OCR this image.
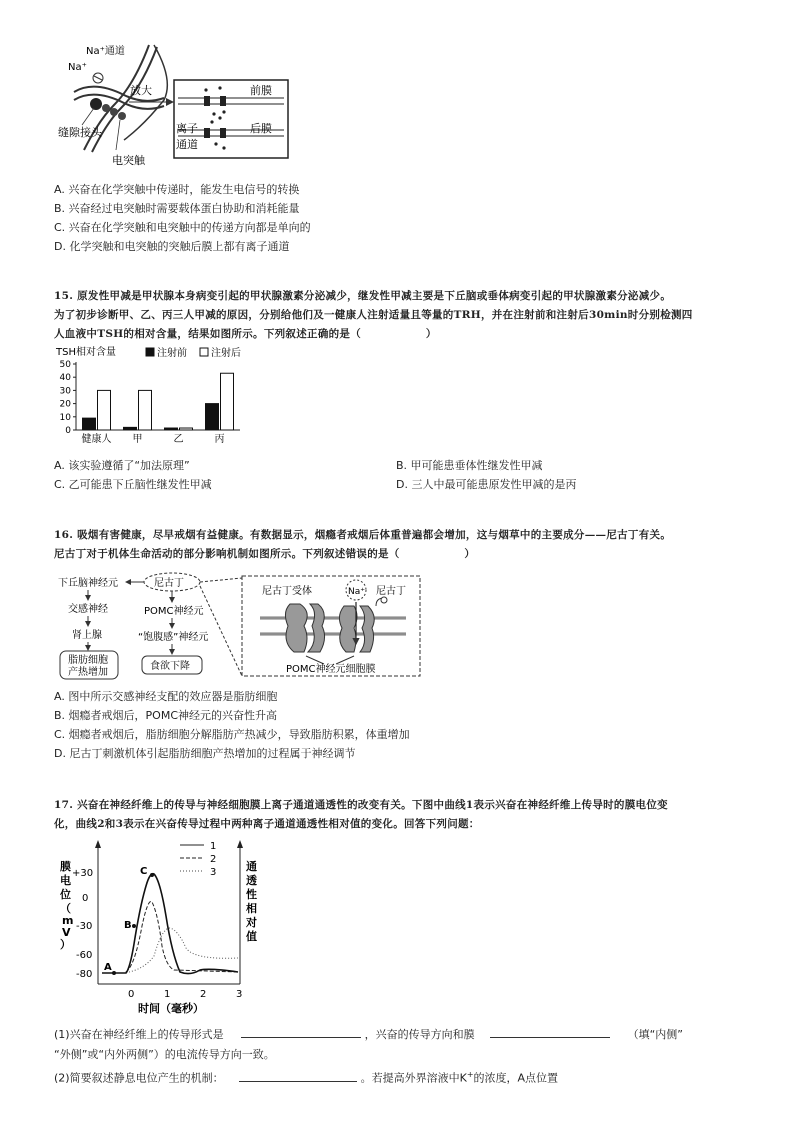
Na⁺通道
Na⁺
放大
缝隙接头
电突触
前膜
离子
通道
后膜
A. 兴奋在化学突触中传递时，能发生电信号的转换
B. 兴奋经过电突触时需要载体蛋白协助和消耗能量
C. 兴奋在化学突触和电突触中的传递方向都是单向的
D. 化学突触和电突触的突触后膜上都有离子通道

15. 原发性甲减是甲状腺本身病变引起的甲状腺激素分泌减少，继发性甲减主要是下丘脑或垂体病变引起的甲状腺激素分泌减少。

为了初步诊断甲、乙、丙三人甲减的原因，分别给他们及一健康人注射适量且等量的TRH，并在注射前和注射后30min时分别检测四

人血液中TSH的相对含量，结果如图所示。下列叙述正确的是（　　　　　　）

TSH相对含量	注射前 注射后
0
10
20
30
40
50
健康人 甲	乙	丙
A. 该实验遵循了“加法原理”	B. 甲可能患垂体性继发性甲减
C. 乙可能患下丘脑性继发性甲减	D. 三人中最可能患原发性甲减的是丙

16. 吸烟有害健康，尽早戒烟有益健康。有数据显示，烟瘾者戒烟后体重普遍都会增加，这与烟草中的主要成分——尼古丁有关。

尼古丁对于机体生命活动的部分影响机制如图所示。下列叙述错误的是（　　　　　　）

下丘脑神经元
交感神经
肾上腺
脂肪细胞
产热增加
尼古丁
POMC神经元
“饱腹感”神经元
食欲下降
尼古丁受体	Na⁺ 尼古丁
POMC神经元细胞膜
A. 图中所示交感神经支配的效应器是脂肪细胞
B. 烟瘾者戒烟后，POMC神经元的兴奋性升高
C. 烟瘾者戒烟后，脂肪细胞分解脂肪产热减少，导致脂肪积累，体重增加
D. 尼古丁刺激机体引起脂肪细胞产热增加的过程属于神经调节

17. 兴奋在神经纤维上的传导与神经细胞膜上离子通道通透性的改变有关。下图中曲线1表示兴奋在神经纤维上传导时的膜电位变

化，曲线2和3表示在兴奋传导过程中两种离子通道通透性相对值的变化。回答下列问题：

膜
电
位
（
m
V
）
通
透
性
相
对
值
+30
0
-30
-60
-80
0	1	2	3
时间（毫秒）
1
2
3
A
B
C
(1)兴奋在神经纤维上的传导形式是	，兴奋的传导方向和膜	（填“内侧”
“外侧”或“内外两侧”）的电流传导方向一致。
(2)简要叙述静息电位产生的机制：	。若提高外界溶液中K+的浓度，A点位置
